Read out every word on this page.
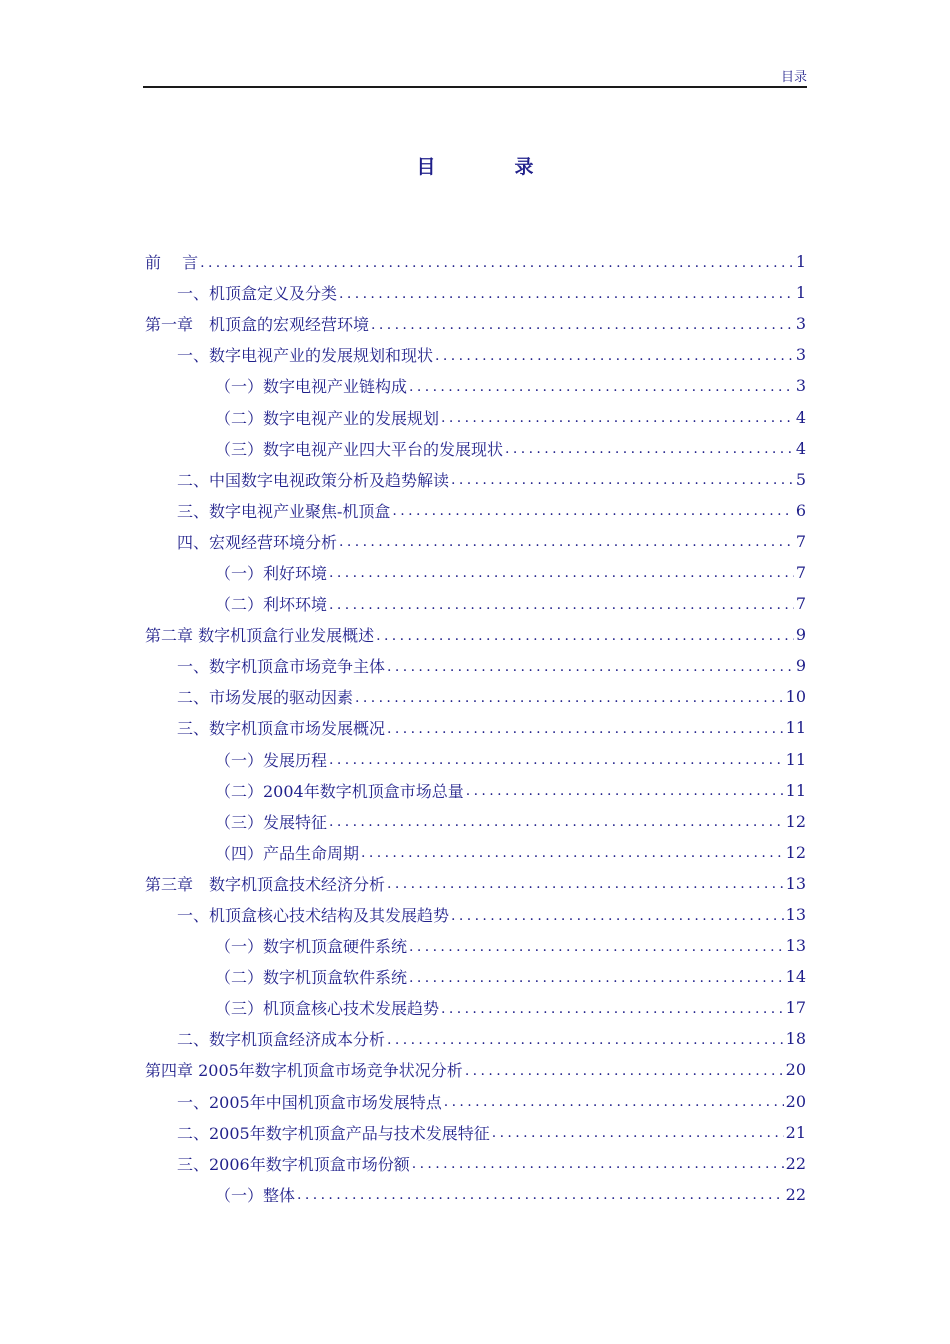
目录
目　录
前　 言 .....	1
一、机顶盒定义及分类 .....	1
第一章　机顶盒的宏观经营环境 .....	3
一、数字电视产业的发展规划和现状 .....	3
（一）数字电视产业链构成 .....	3
（二）数字电视产业的发展规划 .....	4
（三）数字电视产业四大平台的发展现状 .....	4
二、中国数字电视政策分析及趋势解读 .....	5
三、数字电视产业聚焦-机顶盒 .....	6
四、宏观经营环境分析 .....	7
（一）利好环境 .....	7
（二）利坏环境 .....	7
第二章 数字机顶盒行业发展概述 .....	9
一、数字机顶盒市场竞争主体 .....	9
二、市场发展的驱动因素 .....	10
三、数字机顶盒市场发展概况 .....	11
（一）发展历程 .....	11
（二）2004年数字机顶盒市场总量 .....	11
（三）发展特征 .....	12
（四）产品生命周期 .....	12
第三章　数字机顶盒技术经济分析 .....	13
一、机顶盒核心技术结构及其发展趋势 .....	13
（一）数字机顶盒硬件系统 .....	13
（二）数字机顶盒软件系统 .....	14
（三）机顶盒核心技术发展趋势 .....	17
二、数字机顶盒经济成本分析 .....	18
第四章 2005年数字机顶盒市场竞争状况分析 .....	20
一、2005年中国机顶盒市场发展特点 .....	20
二、2005年数字机顶盒产品与技术发展特征 .....	21
三、2006年数字机顶盒市场份额 .....	22
（一）整体 .....	22
